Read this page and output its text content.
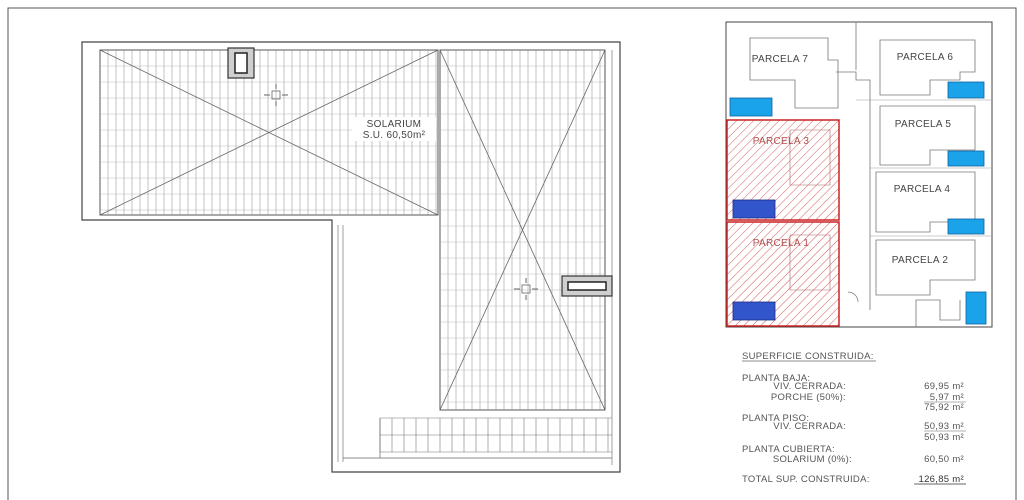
SOLARIUM
S.U. 60,50m²
PARCELA 7	PARCELA 6
PARCELA 5
PARCELA 4
PARCELA 3
PARCELA 2
PARCELA 1
SUPERFICIE CONSTRUIDA:
PLANTA BAJA:
VIV. CERRADA:	69,95 m²
PORCHE (50%):	5,97 m²
75,92 m²
PLANTA PISO:
VIV. CERRADA:	50,93 m²
50,93 m²
PLANTA CUBIERTA:
SOLARIUM (0%):	60,50 m²
TOTAL SUP. CONSTRUIDA:	126,85 m²
